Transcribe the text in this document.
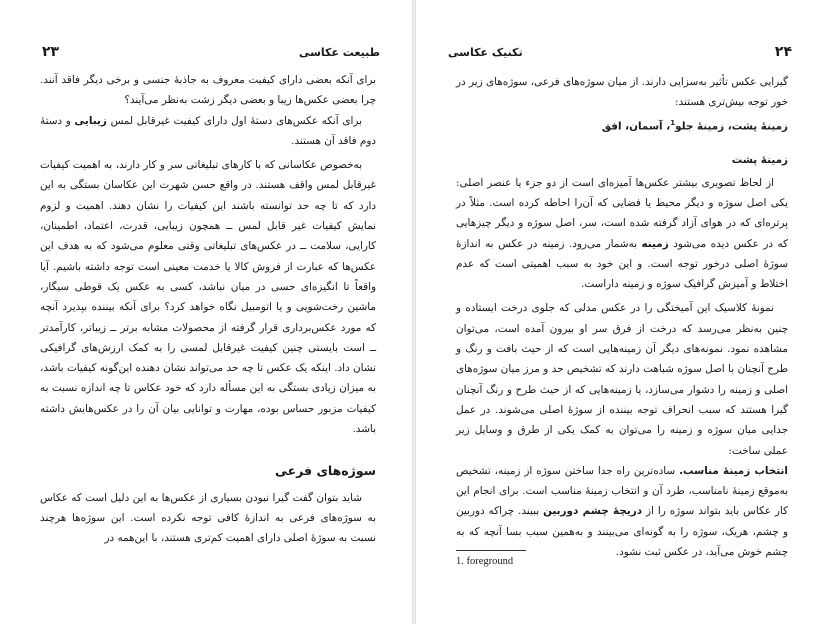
طبیعت عکاسی
۲۳

برای آنکه بعضی دارای کیفیت معروف به جاذبهٔ جنسی و برخی دیگر فاقد آنند. چرا بعضی عکس‌ها زیبا و بعضی دیگر زشت به‌نظر می‌آیند؟

برای آنکه عکس‌های دستهٔ اول دارای کیفیت غیرقابل لمس زیبایی و دستهٔ دوم فاقد آن هستند.

به‌خصوص عکاسانی که با کارهای تبلیغاتی سر و کار دارند، به اهمیت کیفیات غیرقابل لمس واقف هستند. در واقع حسن شهرت این عکاسان بستگی به این دارد که تا چه حد توانسته باشند این کیفیات را نشان دهند. اهمیت و لزوم نمایش کیفیات غیر قابل لمس ــ همچون زیبایی، قدرت، اعتماد، اطمینان، کارایی، سلامت ــ در عکس‌های تبلیغاتی وقتی معلوم می‌شود که به هدف این عکس‌ها که عبارت از فروش کالا یا خدمت معینی است توجه داشته باشیم. آیا واقعاً تا انگیزه‌ای حسی در میان نباشد، کسی به عکس یک قوطی سیگار، ماشین رخت‌شویی و یا اتومبیل نگاه خواهد کرد؟ برای آنکه بیننده بپذیرد آنچه که مورد عکس‌برداری قرار گرفته از محصولات مشابه برتر ــ زیباتر، کارآمدتر ــ است بایستی چنین کیفیت غیرقابل لمسی را به کمک ارزش‌های گرافیکی نشان داد. اینکه یک عکس تا چه حد می‌تواند نشان دهنده این‌گونه کیفیات باشد، به میزان زیادی بستگی به این مسأله دارد که خود عکاس تا چه اندازه نسبت به کیفیات مزبور حساس بوده، مهارت و توانایی بیان آن را در عکس‌هایش داشته باشد.

سوژه‌های فرعی

شاید بتوان گفت گیرا نبودن بسیاری از عکس‌ها به این دلیل است که عکاس به سوژه‌های فرعی به اندازهٔ کافی توجه نکرده است. این سوژه‌ها هرچند نسبت به سوژهٔ اصلی دارای اهمیت کم‌تری هستند، با این‌همه در

۲۴
تکنیک عکاسی

گیرایی عکس تأثیر به‌سزایی دارند. از میان سوژه‌های فرعی، سوژه‌های زیر در خور توجه بیش‌تری هستند:

زمینهٔ پشت، زمینهٔ جلو$^1$، آسمان، افق

زمینهٔ پشت

از لحاظ تصویری بیشتر عکس‌ها آمیزه‌ای است از دو جزء یا عنصر اصلی: یکی اصل سوژه و دیگر محیط یا فضایی که آن‌را احاطه کرده است. مثلاً در پرتره‌ای که در هوای آزاد گرفته شده است، سر، اصل سوژه و دیگر چیزهایی که در عکس دیده می‌شود زمینه به‌شمار می‌رود. زمینه در عکس به اندازهٔ سوژهٔ اصلی درخور توجه است. و این خود به سبب اهمیتی است که عدم اختلاط و آمیزش گرافیک سوژه و زمینه داراست.

نمونهٔ کلاسیک این آمیختگی را در عکس مدلی که جلوی درخت ایستاده و چنین به‌نظر می‌رسد که درخت از فرق سر او بیرون آمده است، می‌توان مشاهده نمود. نمونه‌های دیگر آن زمینه‌هایی است که از حیث بافت و رنگ و طرح آنچنان با اصل سوژه شباهت دارند که تشخیص حد و مرز میان سوژه‌های اصلی و زمینه را دشوار می‌سازد، یا زمینه‌هایی که از حیث طرح و رنگ آنچنان گیرا هستند که سبب انحراف توجه بیننده از سوژهٔ اصلی می‌شوند. در عمل جدایی میان سوژه و زمینه را می‌توان به کمک یکی از طرق و وسایل زیر عملی ساخت:

انتخاب زمینهٔ مناسب. ساده‌ترین راه جدا ساختن سوژه از زمینه، تشخیص به‌موقع زمینهٔ نامناسب، طرد آن و انتخاب زمینهٔ مناسب است. برای انجام این کار عکاس باید بتواند سوژه را از دریچهٔ چشم دوربین ببیند. چراکه دوربین و چشم، هریک، سوژه را به گونه‌ای می‌بینند و به‌همین سبب بسا آنچه که به چشم خوش می‌آید، در عکس ثبت نشود.

1. foreground
